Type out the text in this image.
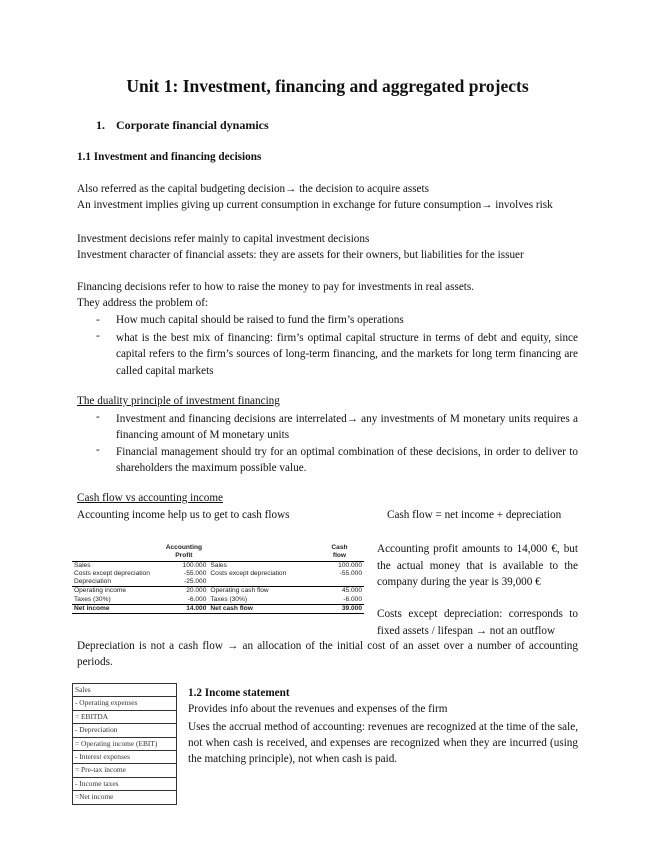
Unit 1: Investment, financing and aggregated projects
1. Corporate financial dynamics
1.1 Investment and financing decisions
Also referred as the capital budgeting decision→ the decision to acquire assets
An investment implies giving up current consumption in exchange for future consumption→ involves risk
Investment decisions refer mainly to capital investment decisions
Investment character of financial assets: they are assets for their owners, but liabilities for the issuer
Financing decisions refer to how to raise the money to pay for investments in real assets.
They address the problem of:
- How much capital should be raised to fund the firm’s operations
- what is the best mix of financing: firm’s optimal capital structure in terms of debt and equity, since capital refers to the firm’s sources of long-term financing, and the markets for long term financing are called capital markets
The duality principle of investment financing
- Investment and financing decisions are interrelated→ any investments of M monetary units requires a financing amount of M monetary units
- Financial management should try for an optimal combination of these decisions, in order to deliver to shareholders the maximum possible value.
Cash flow vs accounting income
Accounting income help us to get to cash flows	Cash flow = net income + depreciation
	Accounting		Cash
	Profit		flow
Sales	100.000	Sales	100.000
Costs except depreciation	-55.000	Costs except depreciation	-55.000
Depreciation	-25.000		
Operating income	20.000	Operating cash flow	45.000
Taxes (30%)	-6.000	Taxes (30%)	-6.000
Net income	14.000	Net cash flow	39.000
Accounting profit amounts to 14,000 €, but the actual money that is available to the company during the year is 39,000 €
Costs except depreciation: corresponds to fixed assets / lifespan → not an outflow
Depreciation is not a cash flow → an allocation of the initial cost of an asset over a number of accounting periods.
Sales
- Operating expenses
= EBITDA
- Depreciation
= Operating income (EBIT)
- Interest expenses
= Pre-tax income
- Income taxes
=Net income
1.2 Income statement
Provides info about the revenues and expenses of the firm
Uses the accrual method of accounting: revenues are recognized at the time of the sale, not when cash is received, and expenses are recognized when they are incurred (using the matching principle), not when cash is paid.
